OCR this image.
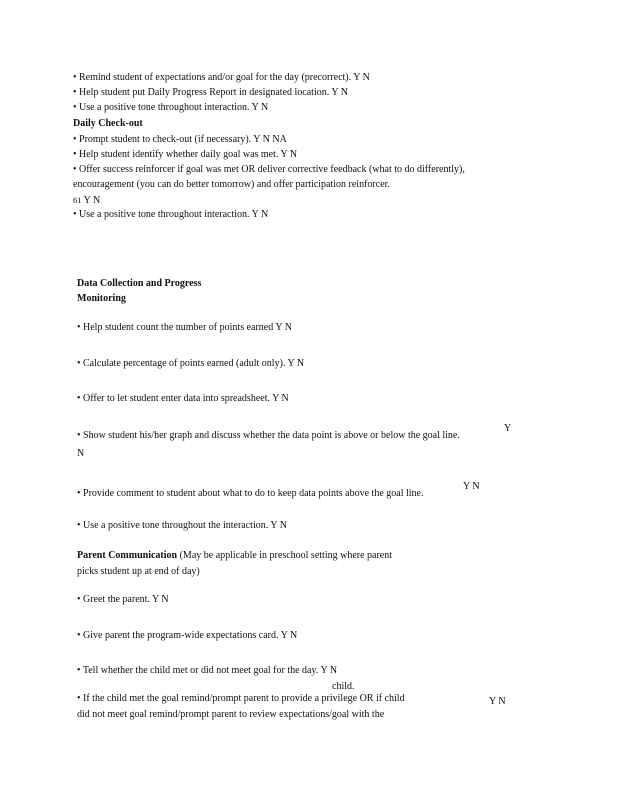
• Remind student of expectations and/or goal for the day (precorrect). Y N
• Help student put Daily Progress Report in designated location. Y N
• Use a positive tone throughout interaction. Y N
Daily Check-out
• Prompt student to check-out (if necessary). Y N NA
• Help student identify whether daily goal was met. Y N
• Offer success reinforcer if goal was met OR deliver corrective feedback (what to do differently),
encouragement (you can do better tomorrow) and offer participation reinforcer.
61 Y N
• Use a positive tone throughout interaction. Y N
Data Collection and Progress
Monitoring
• Help student count the number of points earned Y N
• Calculate percentage of points earned (adult only). Y N
• Offer to let student enter data into spreadsheet. Y N
• Show student his/her graph and discuss whether the data point is above or below the goal line.
Y
N
• Provide comment to student about what to do to keep data points above the goal line.
Y N
• Use a positive tone throughout the interaction. Y N
Parent Communication (May be applicable in preschool setting where parent
picks student up at end of day)
• Greet the parent. Y N
• Give parent the program-wide expectations card. Y N
• Tell whether the child met or did not meet goal for the day. Y N
child.
• If the child met the goal remind/prompt parent to provide a privilege OR if child	Y N
did not meet goal remind/prompt parent to review expectations/goal with the
